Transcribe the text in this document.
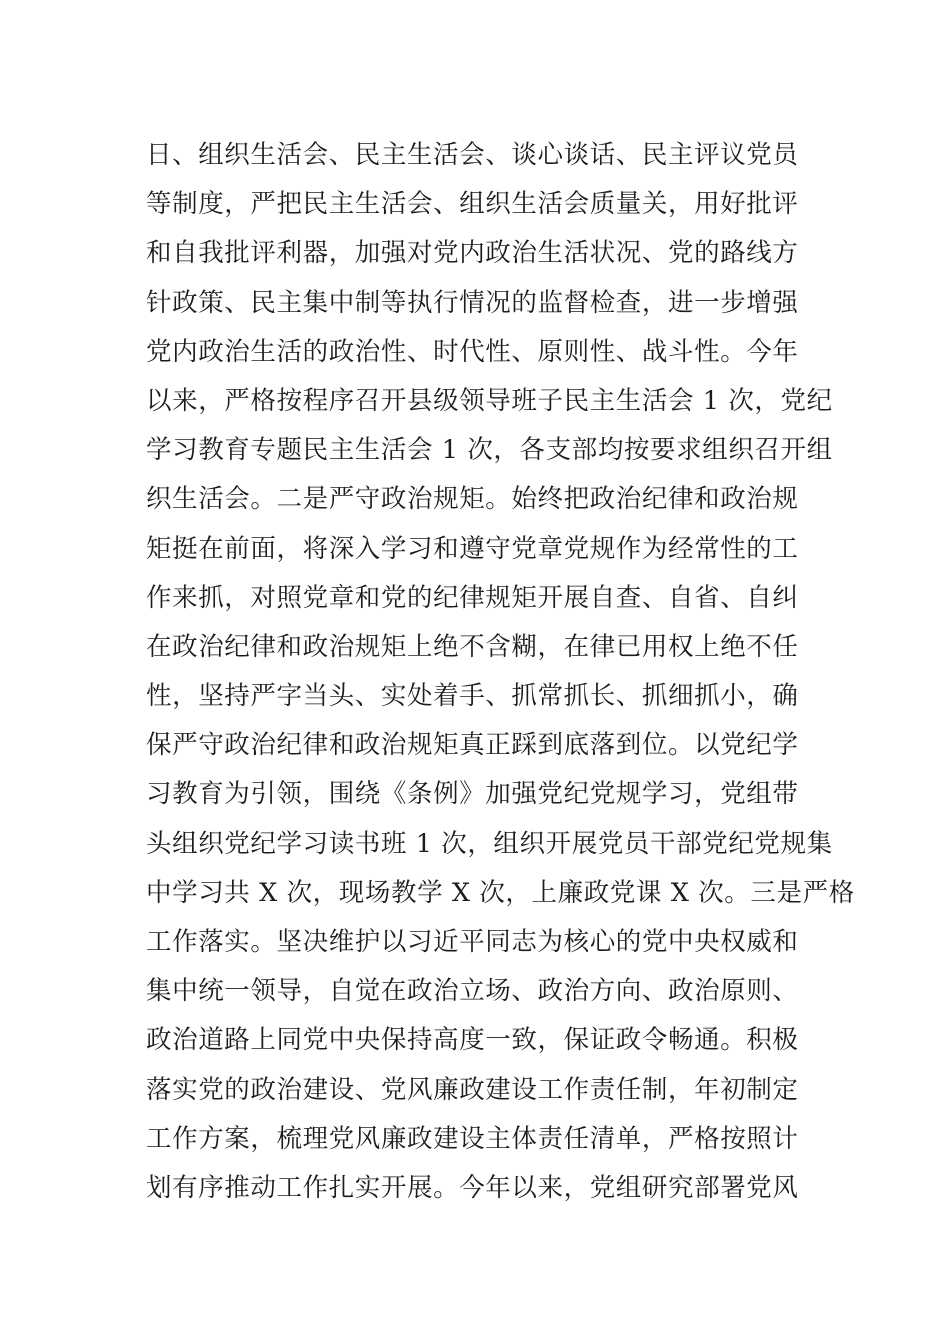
日、组织生活会、民主生活会、谈心谈话、民主评议党员
等制度，严把民主生活会、组织生活会质量关，用好批评
和自我批评利器，加强对党内政治生活状况、党的路线方
针政策、民主集中制等执行情况的监督检查，进一步增强
党内政治生活的政治性、时代性、原则性、战斗性。今年
以来，严格按程序召开县级领导班子民主生活会 1 次，党纪
学习教育专题民主生活会 1 次，各支部均按要求组织召开组
织生活会。二是严守政治规矩。始终把政治纪律和政治规
矩挺在前面，将深入学习和遵守党章党规作为经常性的工
作来抓，对照党章和党的纪律规矩开展自查、自省、自纠
在政治纪律和政治规矩上绝不含糊，在律已用权上绝不任
性，坚持严字当头、实处着手、抓常抓长、抓细抓小，确
保严守政治纪律和政治规矩真正踩到底落到位。以党纪学
习教育为引领，围绕《条例》加强党纪党规学习，党组带
头组织党纪学习读书班 1 次，组织开展党员干部党纪党规集
中学习共 X 次，现场教学 X 次，上廉政党课 X 次。三是严格
工作落实。坚决维护以习近平同志为核心的党中央权威和
集中统一领导，自觉在政治立场、政治方向、政治原则、
政治道路上同党中央保持高度一致，保证政令畅通。积极
落实党的政治建设、党风廉政建设工作责任制，年初制定
工作方案，梳理党风廉政建设主体责任清单，严格按照计
划有序推动工作扎实开展。今年以来，党组研究部署党风
